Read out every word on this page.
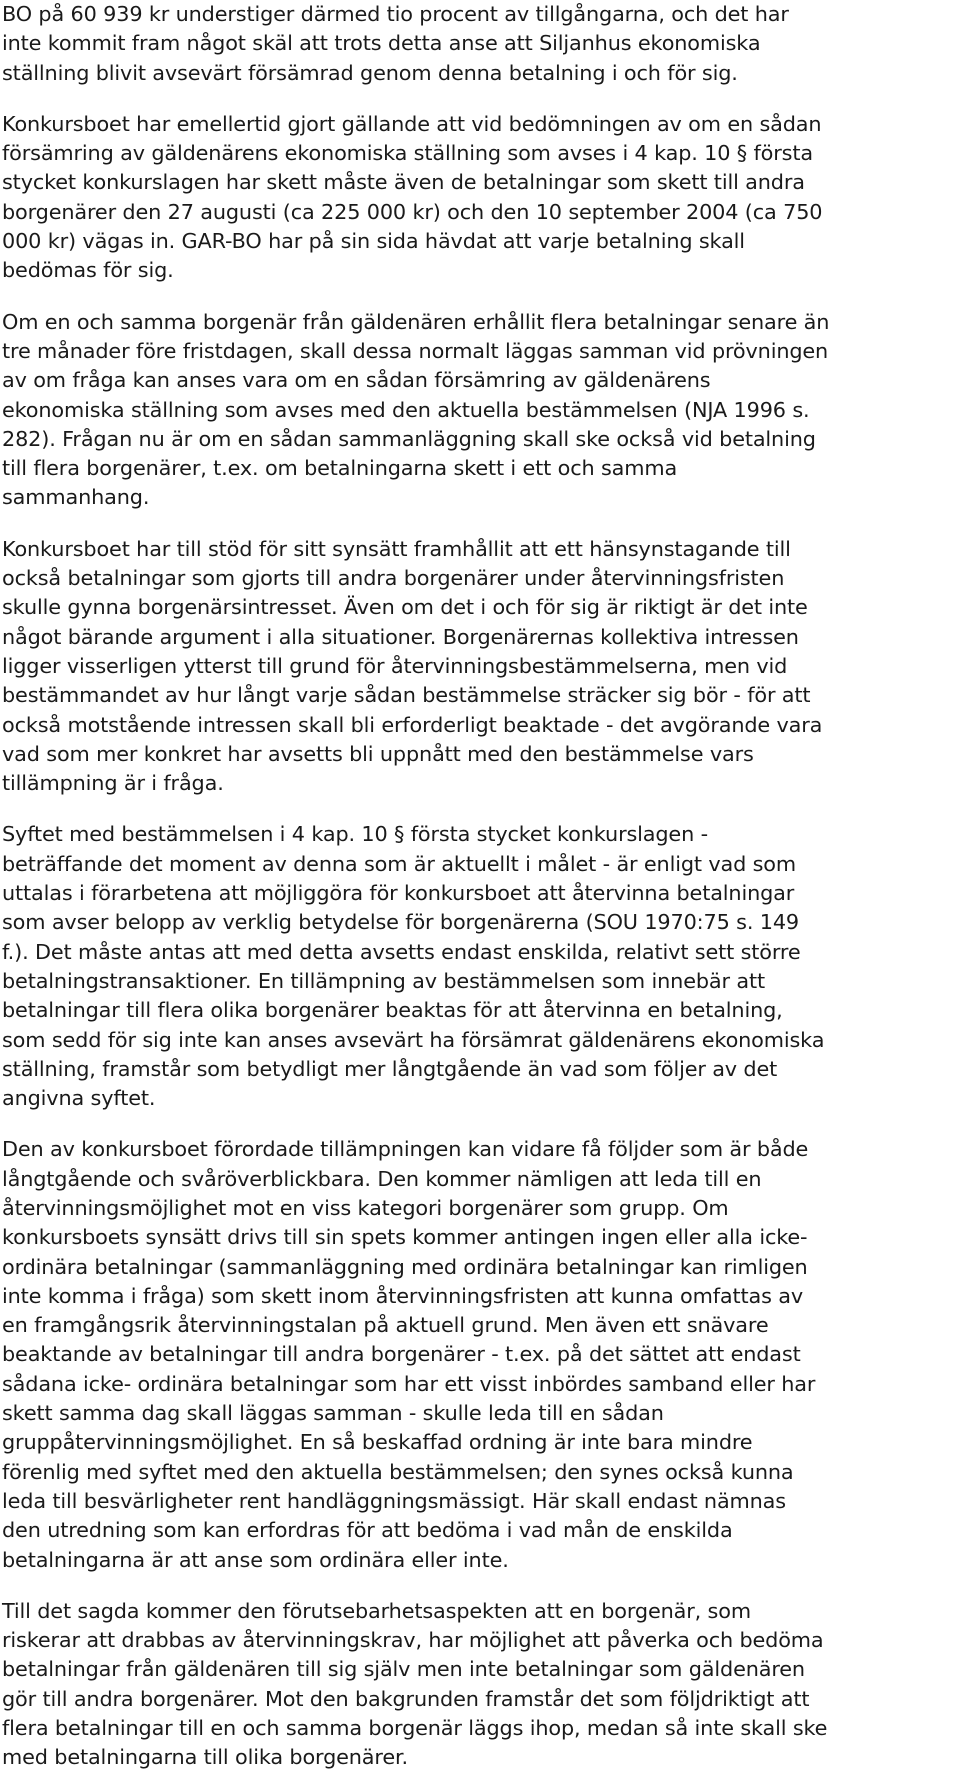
BO på 60 939 kr understiger därmed tio procent av tillgångarna, och det har
inte kommit fram något skäl att trots detta anse att Siljanhus ekonomiska
ställning blivit avsevärt försämrad genom denna betalning i och för sig.

Konkursboet har emellertid gjort gällande att vid bedömningen av om en sådan
försämring av gäldenärens ekonomiska ställning som avses i 4 kap. 10 § första
stycket konkurslagen har skett måste även de betalningar som skett till andra
borgenärer den 27 augusti (ca 225 000 kr) och den 10 september 2004 (ca 750
000 kr) vägas in. GAR-BO har på sin sida hävdat att varje betalning skall
bedömas för sig.

Om en och samma borgenär från gäldenären erhållit flera betalningar senare än
tre månader före fristdagen, skall dessa normalt läggas samman vid prövningen
av om fråga kan anses vara om en sådan försämring av gäldenärens
ekonomiska ställning som avses med den aktuella bestämmelsen (NJA 1996 s.
282). Frågan nu är om en sådan sammanläggning skall ske också vid betalning
till flera borgenärer, t.ex. om betalningarna skett i ett och samma
sammanhang.

Konkursboet har till stöd för sitt synsätt framhållit att ett hänsynstagande till
också betalningar som gjorts till andra borgenärer under återvinningsfristen
skulle gynna borgenärsintresset. Även om det i och för sig är riktigt är det inte
något bärande argument i alla situationer. Borgenärernas kollektiva intressen
ligger visserligen ytterst till grund för återvinningsbestämmelserna, men vid
bestämmandet av hur långt varje sådan bestämmelse sträcker sig bör - för att
också motstående intressen skall bli erforderligt beaktade - det avgörande vara
vad som mer konkret har avsetts bli uppnått med den bestämmelse vars
tillämpning är i fråga.

Syftet med bestämmelsen i 4 kap. 10 § första stycket konkurslagen -
beträffande det moment av denna som är aktuellt i målet - är enligt vad som
uttalas i förarbetena att möjliggöra för konkursboet att återvinna betalningar
som avser belopp av verklig betydelse för borgenärerna (SOU 1970:75 s. 149
f.). Det måste antas att med detta avsetts endast enskilda, relativt sett större
betalningstransaktioner. En tillämpning av bestämmelsen som innebär att
betalningar till flera olika borgenärer beaktas för att återvinna en betalning,
som sedd för sig inte kan anses avsevärt ha försämrat gäldenärens ekonomiska
ställning, framstår som betydligt mer långtgående än vad som följer av det
angivna syftet.

Den av konkursboet förordade tillämpningen kan vidare få följder som är både
långtgående och svåröverblickbara. Den kommer nämligen att leda till en
återvinningsmöjlighet mot en viss kategori borgenärer som grupp. Om
konkursboets synsätt drivs till sin spets kommer antingen ingen eller alla icke-
ordinära betalningar (sammanläggning med ordinära betalningar kan rimligen
inte komma i fråga) som skett inom återvinningsfristen att kunna omfattas av
en framgångsrik återvinningstalan på aktuell grund. Men även ett snävare
beaktande av betalningar till andra borgenärer - t.ex. på det sättet att endast
sådana icke- ordinära betalningar som har ett visst inbördes samband eller har
skett samma dag skall läggas samman - skulle leda till en sådan
gruppåtervinningsmöjlighet. En så beskaffad ordning är inte bara mindre
förenlig med syftet med den aktuella bestämmelsen; den synes också kunna
leda till besvärligheter rent handläggningsmässigt. Här skall endast nämnas
den utredning som kan erfordras för att bedöma i vad mån de enskilda
betalningarna är att anse som ordinära eller inte.

Till det sagda kommer den förutsebarhetsaspekten att en borgenär, som
riskerar att drabbas av återvinningskrav, har möjlighet att påverka och bedöma
betalningar från gäldenären till sig själv men inte betalningar som gäldenären
gör till andra borgenärer. Mot den bakgrunden framstår det som följdriktigt att
flera betalningar till en och samma borgenär läggs ihop, medan så inte skall ske
med betalningarna till olika borgenärer.
